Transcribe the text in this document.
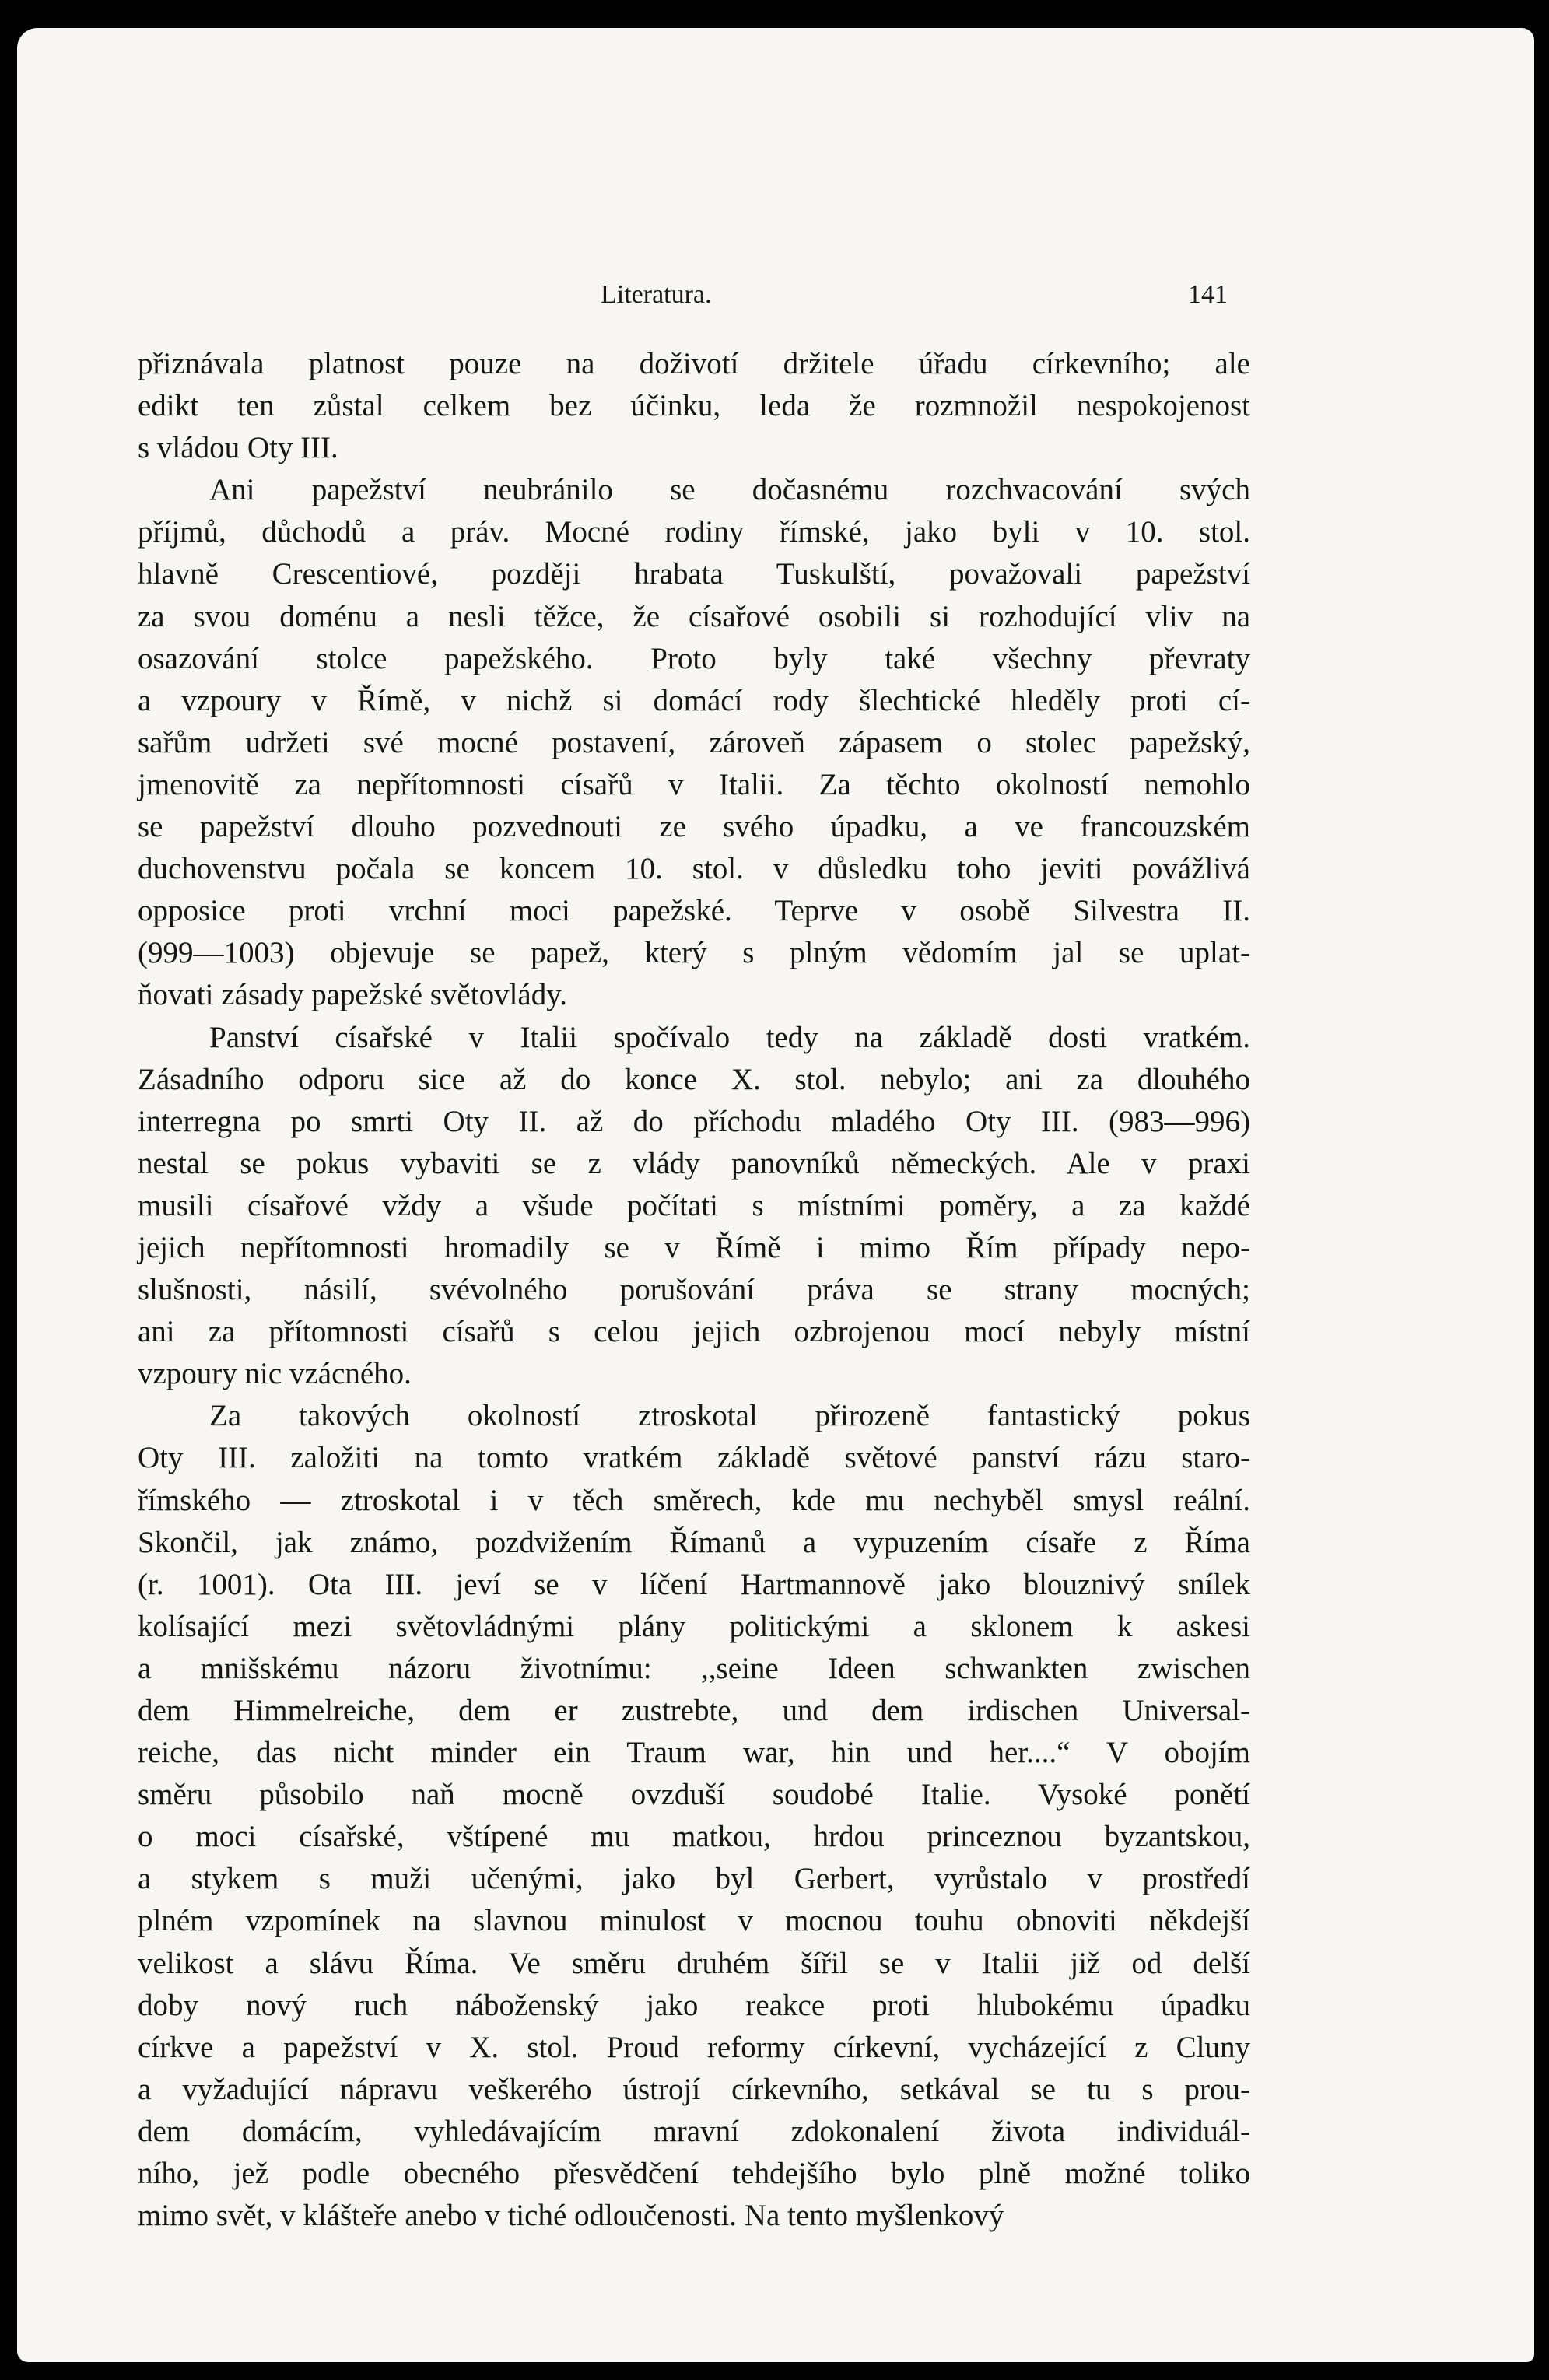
Literatura.	141
přiznávala platnost pouze na doživotí držitele úřadu církevního; ale
edikt ten zůstal celkem bez účinku, leda že rozmnožil nespokojenost
s vládou Oty III.
Ani papežství neubránilo se dočasnému rozchvacování svých
příjmů, důchodů a práv. Mocné rodiny římské, jako byli v 10. stol.
hlavně Crescentiové, později hrabata Tuskulští, považovali papežství
za svou doménu a nesli těžce, že císařové osobili si rozhodující vliv na
osazování stolce papežského. Proto byly také všechny převraty
a vzpoury v Římě, v nichž si domácí rody šlechtické hleděly proti cí-
sařům udržeti své mocné postavení, zároveň zápasem o stolec papežský,
jmenovitě za nepřítomnosti císařů v Italii. Za těchto okolností nemohlo
se papežství dlouho pozvednouti ze svého úpadku, a ve francouzském
duchovenstvu počala se koncem 10. stol. v důsledku toho jeviti povážlivá
opposice proti vrchní moci papežské. Teprve v osobě Silvestra II.
(999—1003) objevuje se papež, který s plným vědomím jal se uplat-
ňovati zásady papežské světovlády.
Panství císařské v Italii spočívalo tedy na základě dosti vratkém.
Zásadního odporu sice až do konce X. stol. nebylo; ani za dlouhého
interregna po smrti Oty II. až do příchodu mladého Oty III. (983—996)
nestal se pokus vybaviti se z vlády panovníků německých. Ale v praxi
musili císařové vždy a všude počítati s místními poměry, a za každé
jejich nepřítomnosti hromadily se v Římě i mimo Řím případy nepo-
slušnosti, násilí, svévolného porušování práva se strany mocných;
ani za přítomnosti císařů s celou jejich ozbrojenou mocí nebyly místní
vzpoury nic vzácného.
Za takových okolností ztroskotal přirozeně fantastický pokus
Oty III. založiti na tomto vratkém základě světové panství rázu staro-
římského — ztroskotal i v těch směrech, kde mu nechyběl smysl reální.
Skončil, jak známo, pozdvižením Římanů a vypuzením císaře z Říma
(r. 1001). Ota III. jeví se v líčení Hartmannově jako blouznivý snílek
kolísající mezi světovládnými plány politickými a sklonem k askesi
a mnišskému názoru životnímu: ,,seine Ideen schwankten zwischen
dem Himmelreiche, dem er zustrebte, und dem irdischen Universal-
reiche, das nicht minder ein Traum war, hin und her....“ V obojím
směru působilo naň mocně ovzduší soudobé Italie. Vysoké ponětí
o moci císařské, vštípené mu matkou, hrdou princeznou byzantskou,
a stykem s muži učenými, jako byl Gerbert, vyrůstalo v prostředí
plném vzpomínek na slavnou minulost v mocnou touhu obnoviti někdejší
velikost a slávu Říma. Ve směru druhém šířil se v Italii již od delší
doby nový ruch náboženský jako reakce proti hlubokému úpadku
církve a papežství v X. stol. Proud reformy církevní, vycházející z Cluny
a vyžadující nápravu veškerého ústrojí církevního, setkával se tu s prou-
dem domácím, vyhledávajícím mravní zdokonalení života individuál-
ního, jež podle obecného přesvědčení tehdejšího bylo plně možné toliko
mimo svět, v klášteře anebo v tiché odloučenosti. Na tento myšlenkový
